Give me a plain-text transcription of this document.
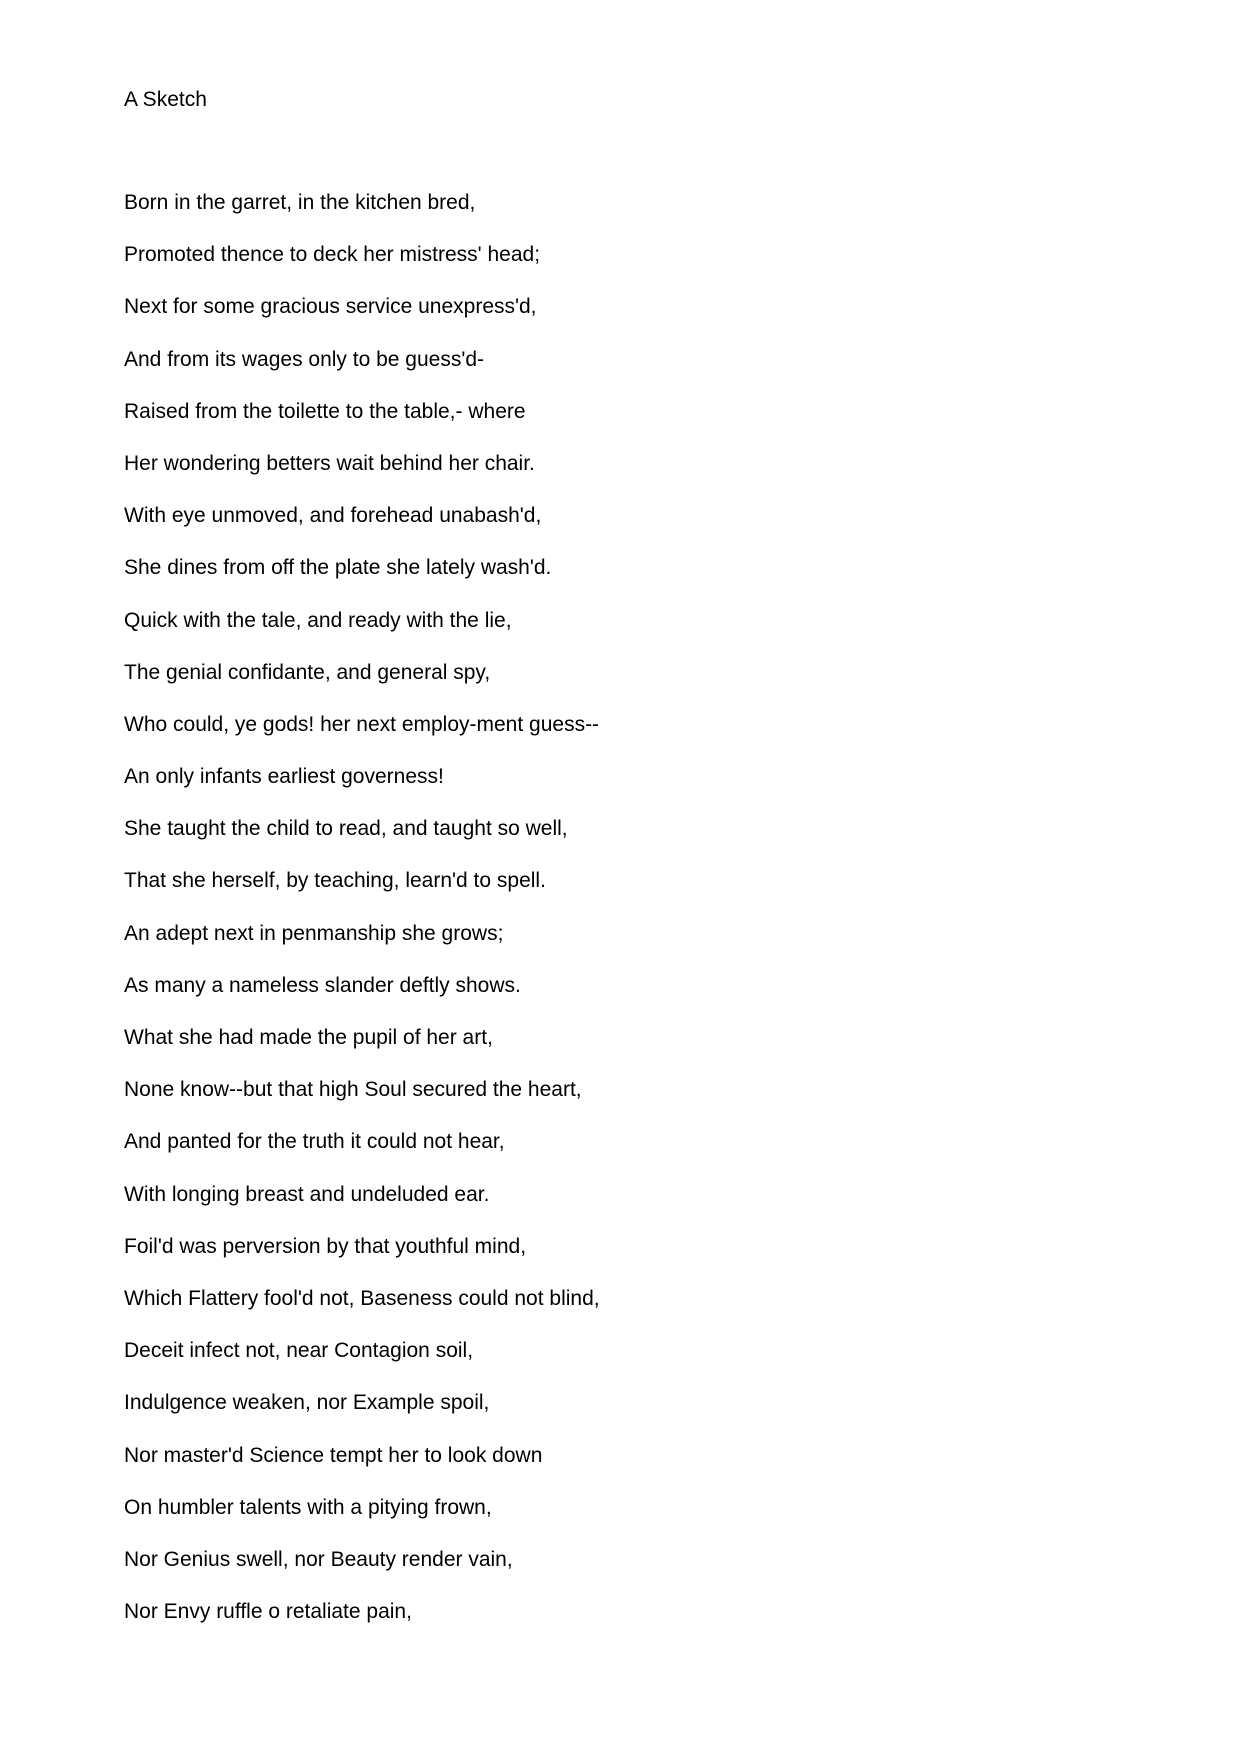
A Sketch
Born in the garret, in the kitchen bred,
Promoted thence to deck her mistress' head;
Next for some gracious service unexpress'd,
And from its wages only to be guess'd-
Raised from the toilette to the table,- where
Her wondering betters wait behind her chair.
With eye unmoved, and forehead unabash'd,
She dines from off the plate she lately wash'd.
Quick with the tale, and ready with the lie,
The genial confidante, and general spy,
Who could, ye gods! her next employ-ment guess--
An only infants earliest governess!
She taught the child to read, and taught so well,
That she herself, by teaching, learn'd to spell.
An adept next in penmanship she grows;
As many a nameless slander deftly shows.
What she had made the pupil of her art,
None know--but that high Soul secured the heart,
And panted for the truth it could not hear,
With longing breast and undeluded ear.
Foil'd was perversion by that youthful mind,
Which Flattery fool'd not, Baseness could not blind,
Deceit infect not, near Contagion soil,
Indulgence weaken, nor Example spoil,
Nor master'd Science tempt her to look down
On humbler talents with a pitying frown,
Nor Genius swell, nor Beauty render vain,
Nor Envy ruffle o retaliate pain,
